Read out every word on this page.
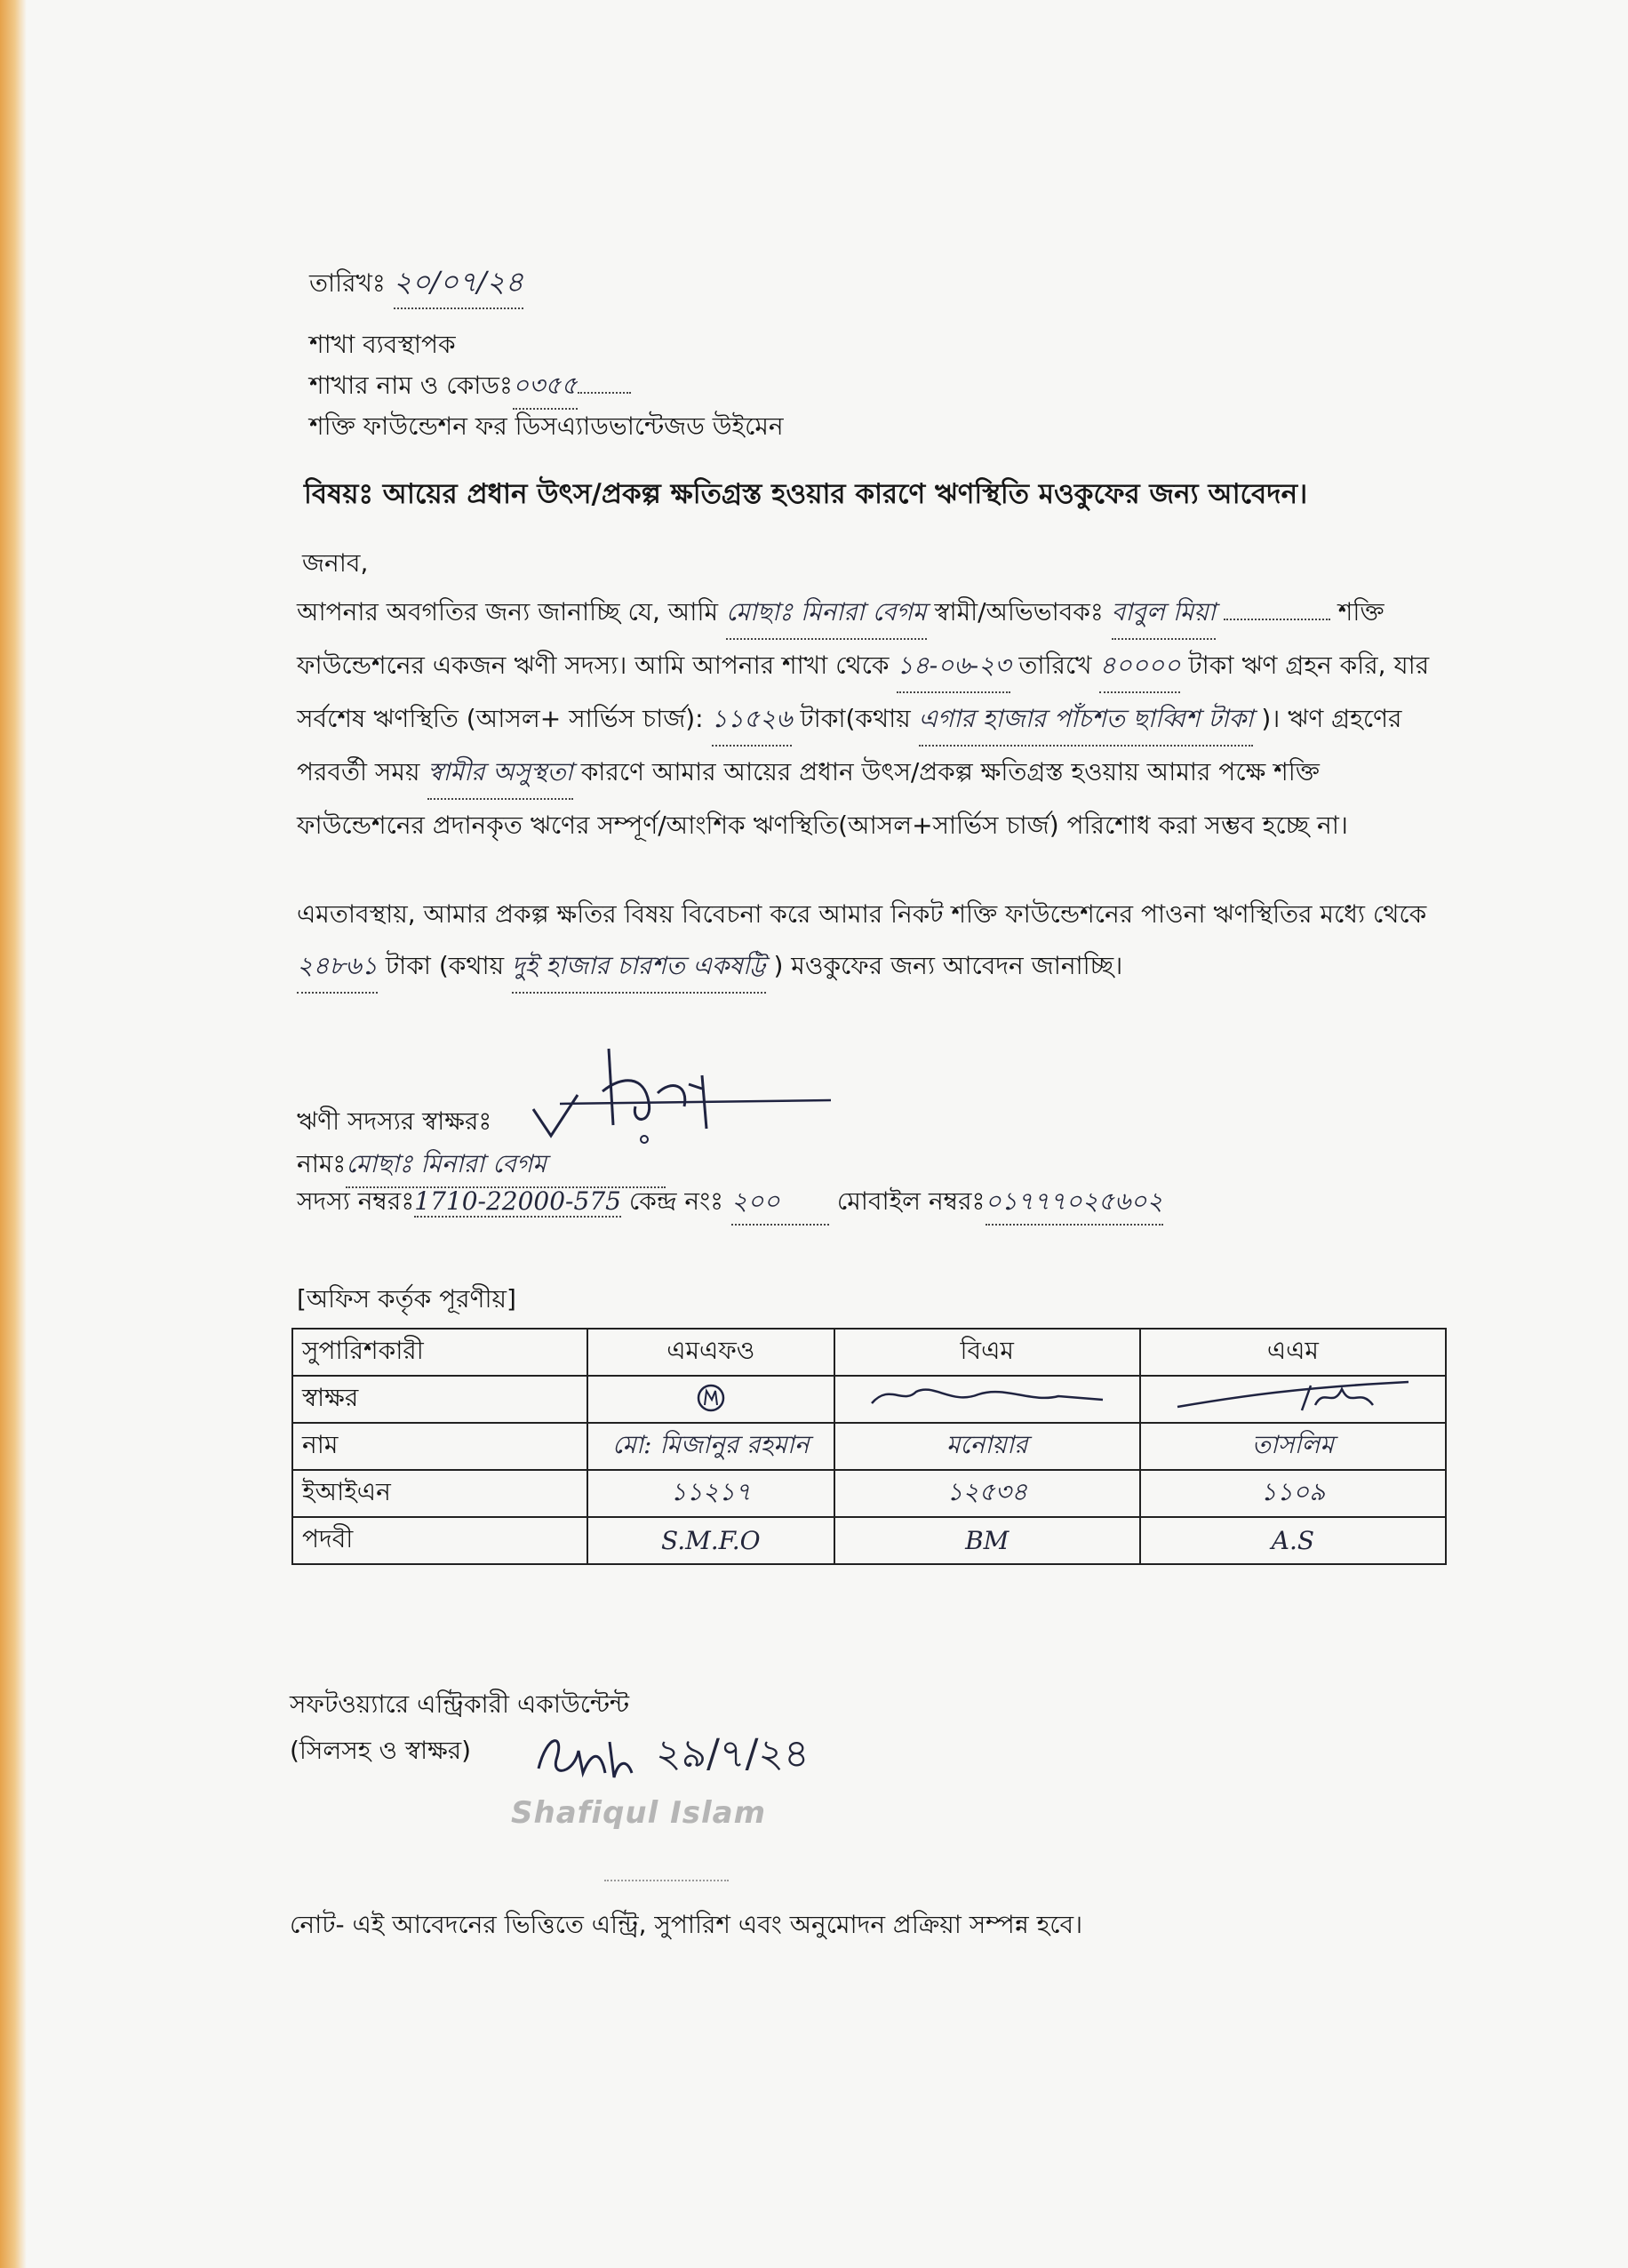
তারিখঃ ২০/০৭/২৪
শাখা ব্যবস্থাপক
শাখার নাম ও কোডঃ০৩৫৫
শক্তি ফাউন্ডেশন ফর ডিসএ্যাডভান্টেজড উইমেন
বিষয়ঃ আয়ের প্রধান উৎস/প্রকল্প ক্ষতিগ্রস্ত হওয়ার কারণে ঋণস্থিতি মওকুফের জন্য আবেদন।
জনাব,
আপনার অবগতির জন্য জানাচ্ছি যে, আমি মোছাঃ মিনারা বেগম স্বামী/অভিভাবকঃ বাবুল মিয়া	শক্তি ফাউন্ডেশনের একজন ঋণী সদস্য। আমি আপনার শাখা থেকে ১৪-০৬-২৩ তারিখে ৪০০০০ টাকা ঋণ গ্রহন করি, যার সর্বশেষ ঋণস্থিতি (আসল+ সার্ভিস চার্জ): ১১৫২৬ টাকা(কথায় এগার হাজার পাঁচশত ছাব্বিশ টাকা )। ঋণ গ্রহণের পরবর্তী সময় স্বামীর অসুস্থতা কারণে আমার আয়ের প্রধান উৎস/প্রকল্প ক্ষতিগ্রস্ত হওয়ায় আমার পক্ষে শক্তি ফাউন্ডেশনের প্রদানকৃত ঋণের সম্পূর্ণ/আংশিক ঋণস্থিতি(আসল+সার্ভিস চার্জ) পরিশোধ করা সম্ভব হচ্ছে না।
এমতাবস্থায়, আমার প্রকল্প ক্ষতির বিষয় বিবেচনা করে আমার নিকট শক্তি ফাউন্ডেশনের পাওনা ঋণস্থিতির মধ্যে থেকে ২৪৮৬১ টাকা (কথায় দুই হাজার চারশত একষট্টি ) মওকুফের জন্য আবেদন জানাচ্ছি।
ঋণী সদস্যর স্বাক্ষরঃ
নামঃমোছাঃ মিনারা বেগম
সদস্য নম্বরঃ1710-22000-575 কেন্দ্র নংঃ ২০০ মোবাইল নম্বরঃ০১৭৭৭০২৫৬০২
[অফিস কর্তৃক পূরণীয়]
সুপারিশকারী	এমএফও	বিএম	এএম
স্বাক্ষর			
নাম	মো: মিজানুর রহমান	মনোয়ার	তাসলিম
ইআইএন	১১২১৭	১২৫৩৪	১১০৯
পদবী	S.M.F.O	BM	A.S
সফটওয়্যারে এন্ট্রিকারী একাউন্টেন্ট
(সিলসহ ও স্বাক্ষর)	২৯/৭/২৪
Shafiqul Islam
নোট- এই আবেদনের ভিত্তিতে এন্ট্রি, সুপারিশ এবং অনুমোদন প্রক্রিয়া সম্পন্ন হবে।
